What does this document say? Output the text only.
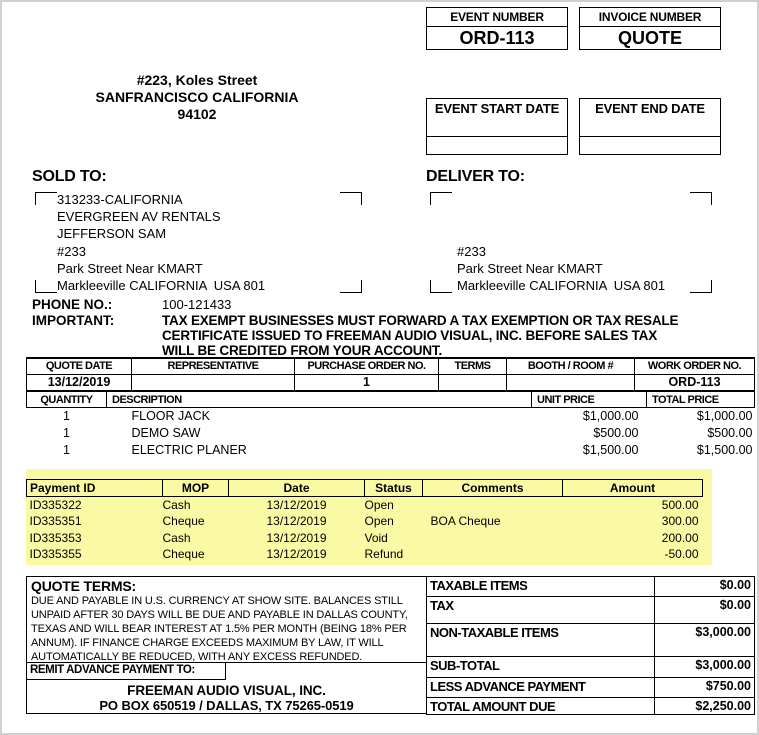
EVENT NUMBER
ORD-113
INVOICE NUMBER
QUOTE
#223, Koles Street
SANFRANCISCO CALIFORNIA
94102	EVENT START DATE	EVENT END DATE
SOLD TO:	DELIVER TO:
313233-CALIFORNIA
EVERGREEN AV RENTALS
JEFFERSON SAM
#233
Park Street Near KMART
Markleeville CALIFORNIA  USA 801
#233
Park Street Near KMART
Markleeville CALIFORNIA  USA 801
PHONE NO.:	100-121433
IMPORTANT:	TAX EXEMPT BUSINESSES MUST FORWARD A TAX EXEMPTION OR TAX RESALE CERTIFICATE ISSUED TO FREEMAN AUDIO VISUAL, INC. BEFORE SALES TAX WILL BE CREDITED FROM YOUR ACCOUNT.
QUOTE DATE	REPRESENTATIVE	PURCHASE ORDER NO.	TERMS	BOOTH / ROOM #	WORK ORDER NO.
13/12/2019		1			ORD-113
QUANTITY	DESCRIPTION	UNIT PRICE	TOTAL PRICE
1	FLOOR JACK	$1,000.00	$1,000.00
1	DEMO SAW	$500.00	$500.00
1	ELECTRIC PLANER	$1,500.00	$1,500.00
Payment ID	MOP	Date	Status	Comments	Amount
ID335322	Cash	13/12/2019	Open		500.00
ID335351	Cheque	13/12/2019	Open	BOA Cheque	300.00
ID335353	Cash	13/12/2019	Void		200.00
ID335355	Cheque	13/12/2019	Refund		-50.00
QUOTE TERMS:
DUE AND PAYABLE IN U.S. CURRENCY AT SHOW SITE. BALANCES STILL UNPAID AFTER 30 DAYS WILL BE DUE AND PAYABLE IN DALLAS COUNTY, TEXAS AND WILL BEAR INTEREST AT 1.5% PER MONTH (BEING 18% PER ANNUM). IF FINANCE CHARGE EXCEEDS MAXIMUM BY LAW, IT WILL AUTOMATICALLY BE REDUCED, WITH ANY EXCESS REFUNDED.
REMIT ADVANCE PAYMENT TO:
FREEMAN AUDIO VISUAL, INC.
PO BOX 650519 / DALLAS, TX 75265-0519
TAXABLE ITEMS	$0.00
TAX	$0.00
NON-TAXABLE ITEMS	$3,000.00
SUB-TOTAL	$3,000.00
LESS ADVANCE PAYMENT	$750.00
TOTAL AMOUNT DUE	$2,250.00
